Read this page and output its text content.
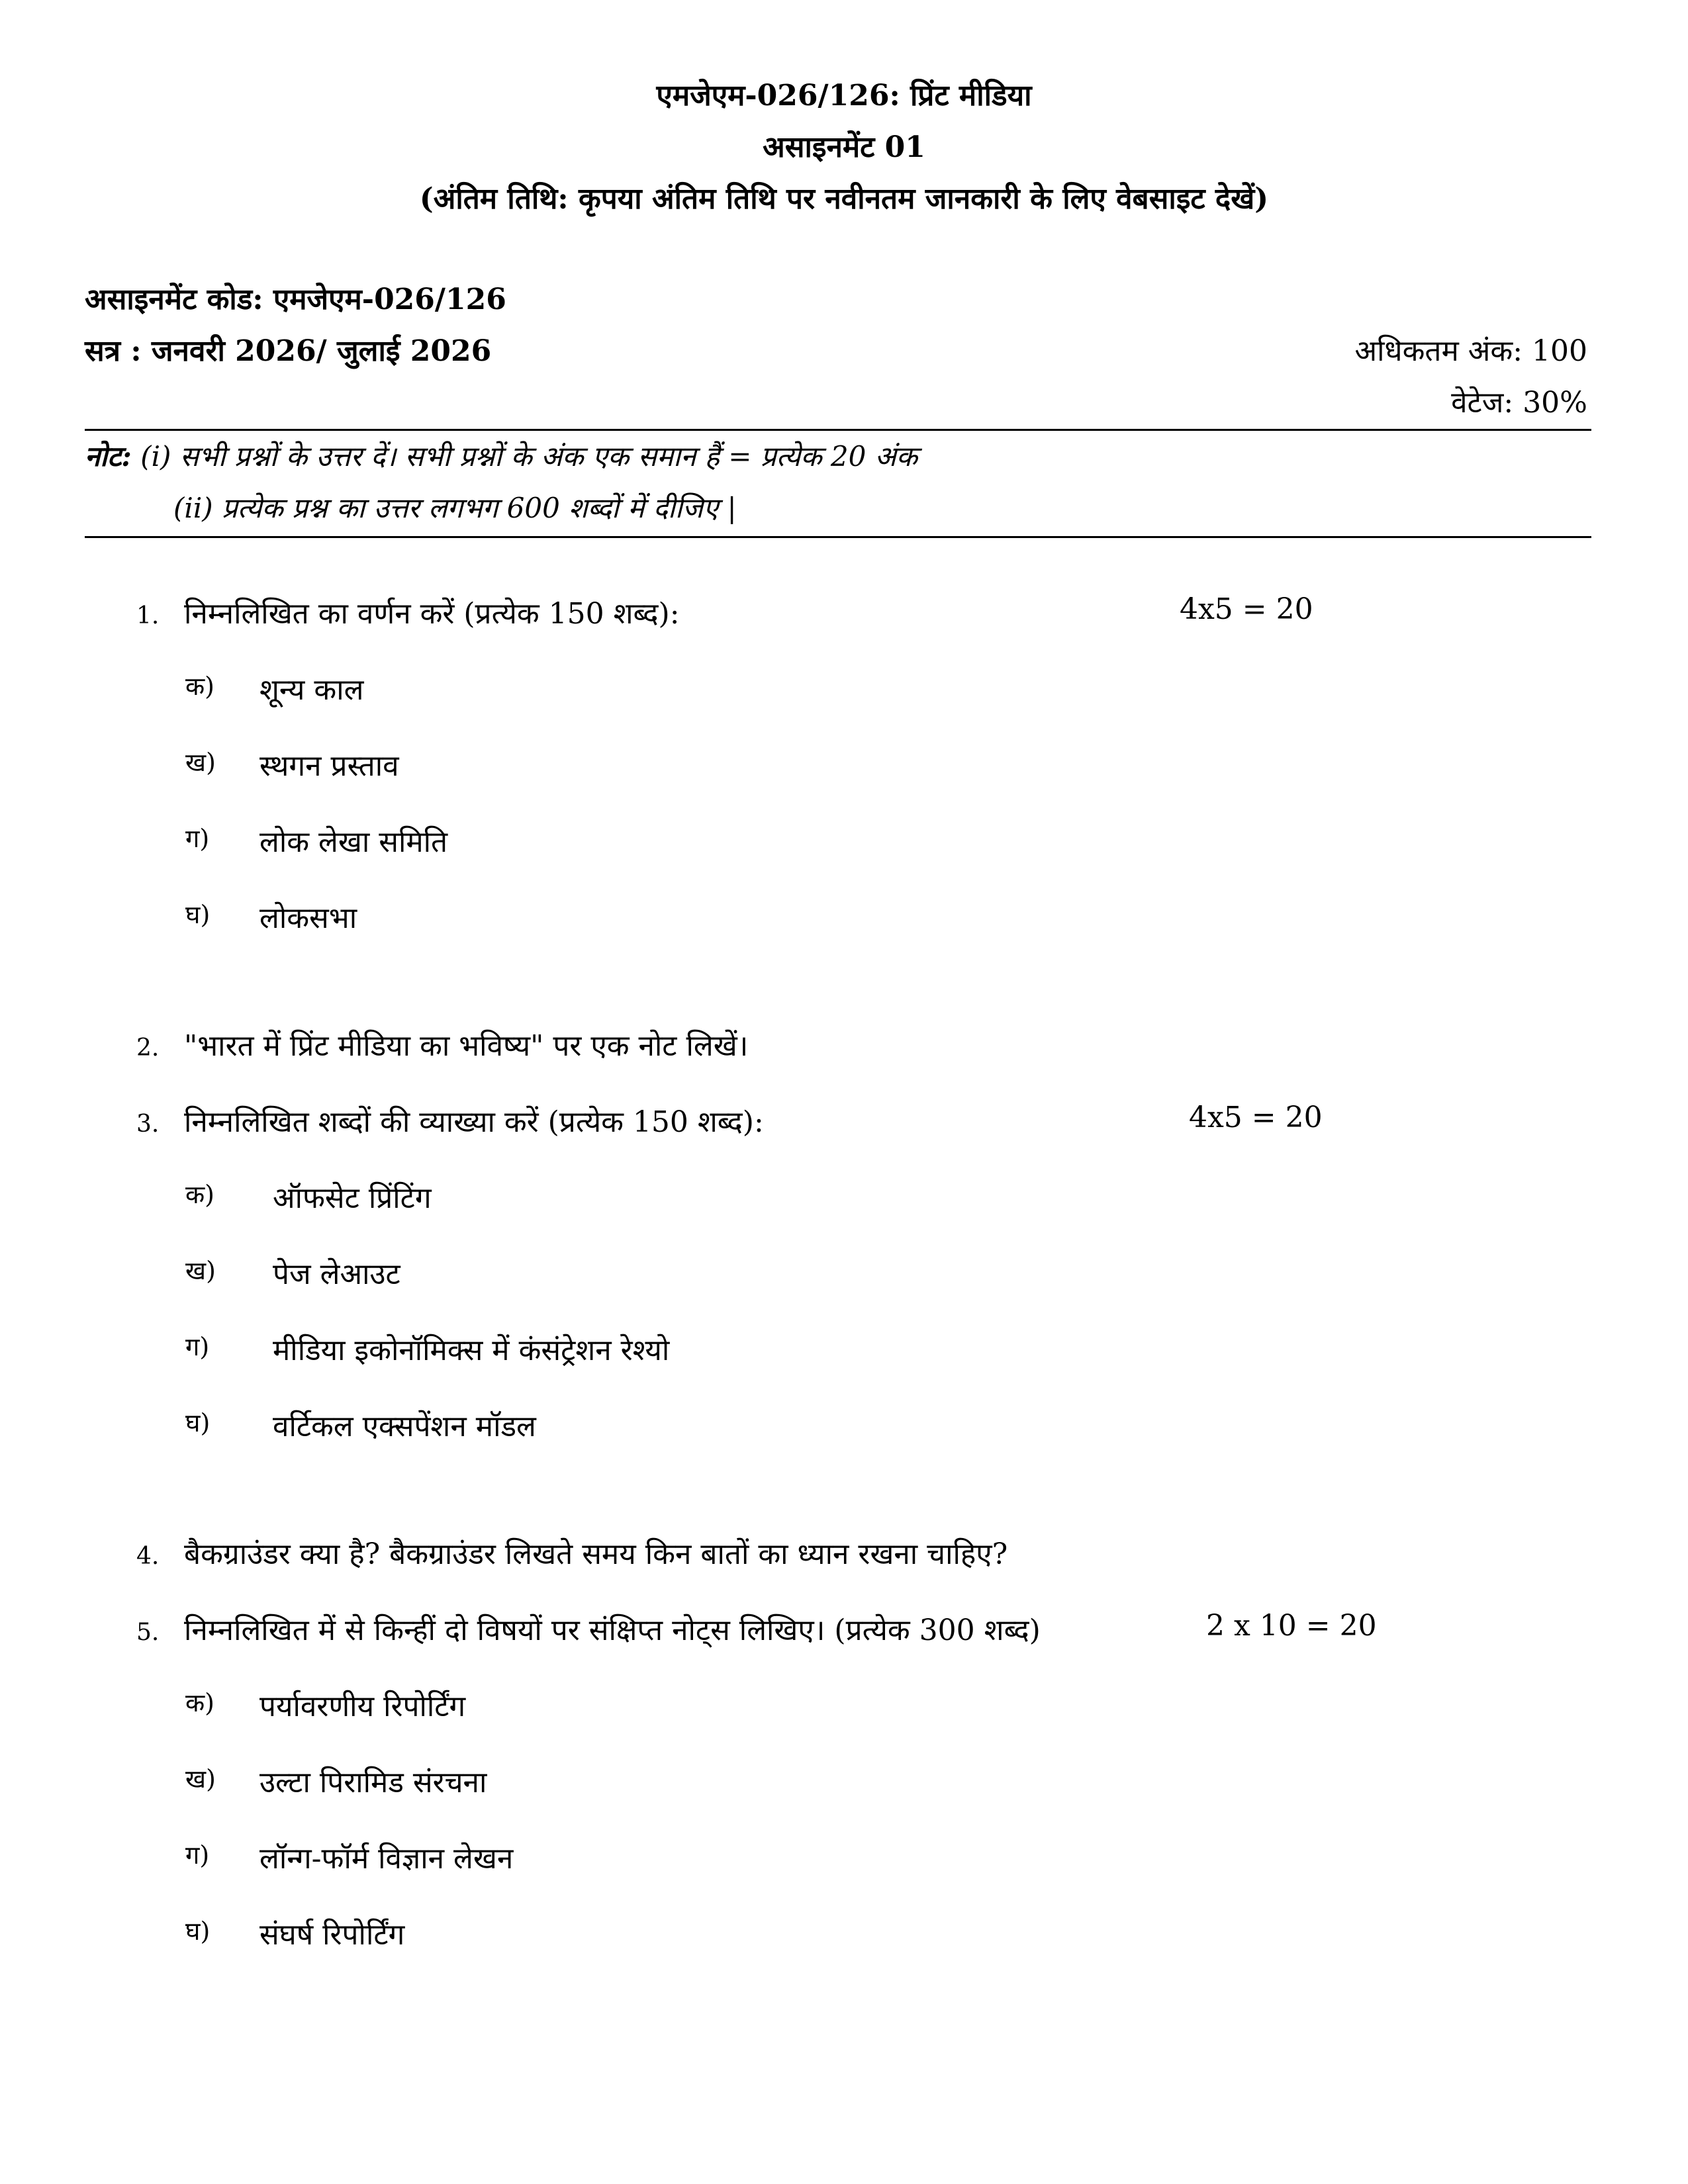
एमजेएम-026/126: प्रिंट मीडिया
असाइनमेंट 01
(अंतिम तिथि: कृपया अंतिम तिथि पर नवीनतम जानकारी के लिए वेबसाइट देखें)
असाइनमेंट कोड: एमजेएम-026/126
सत्र : जनवरी 2026/ जुलाई 2026	अधिकतम अंक: 100
वेटेज: 30%
नोट: (i) सभी प्रश्नों के उत्तर दें। सभी प्रश्नों के अंक एक समान हैं = प्रत्येक 20 अंक
(ii) प्रत्येक प्रश्न का उत्तर लगभग 600 शब्दों में दीजिए |
1. निम्नलिखित का वर्णन करें (प्रत्येक 150 शब्द):	4x5 = 20
क) शून्य काल
ख) स्थगन प्रस्ताव
ग) लोक लेखा समिति
घ) लोकसभा
2. "भारत में प्रिंट मीडिया का भविष्य" पर एक नोट लिखें।
3. निम्नलिखित शब्दों की व्याख्या करें (प्रत्येक 150 शब्द):	4x5 = 20
क) ऑफसेट प्रिंटिंग
ख) पेज लेआउट
ग) मीडिया इकोनॉमिक्स में कंसंट्रेशन रेश्यो
घ) वर्टिकल एक्सपेंशन मॉडल
4. बैकग्राउंडर क्या है? बैकग्राउंडर लिखते समय किन बातों का ध्यान रखना चाहिए?
5. निम्नलिखित में से किन्हीं दो विषयों पर संक्षिप्त नोट्स लिखिए। (प्रत्येक 300 शब्द)	2 x 10 = 20
क) पर्यावरणीय रिपोर्टिंग
ख) उल्टा पिरामिड संरचना
ग) लॉन्ग-फॉर्म विज्ञान लेखन
घ) संघर्ष रिपोर्टिंग
